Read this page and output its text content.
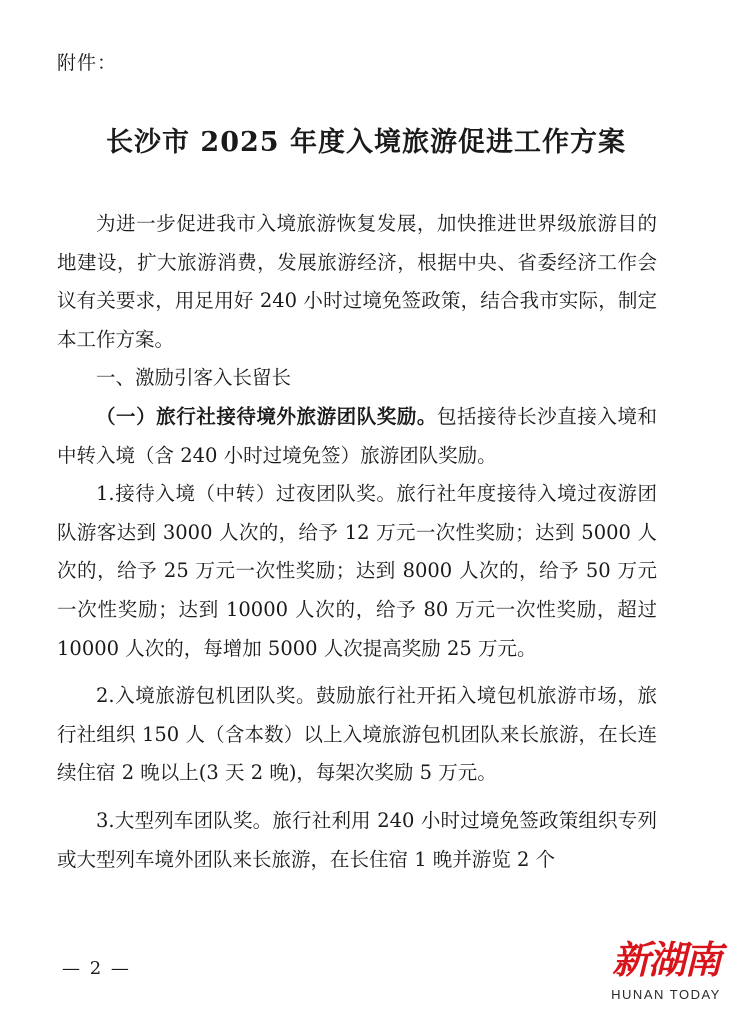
附件：
长沙市 2025 年度入境旅游促进工作方案

为进一步促进我市入境旅游恢复发展，加快推进世界级旅游目的地建设，扩大旅游消费，发展旅游经济，根据中央、省委经济工作会议有关要求，用足用好 240 小时过境免签政策，结合我市实际，制定本工作方案。

一、激励引客入长留长

（一）旅行社接待境外旅游团队奖励。包括接待长沙直接入境和中转入境（含 240 小时过境免签）旅游团队奖励。

1.接待入境（中转）过夜团队奖。旅行社年度接待入境过夜游团队游客达到 3000 人次的，给予 12 万元一次性奖励；达到 5000 人次的，给予 25 万元一次性奖励；达到 8000 人次的，给予 50 万元一次性奖励；达到 10000 人次的，给予 80 万元一次性奖励，超过 10000 人次的，每增加 5000 人次提高奖励 25 万元。

2.入境旅游包机团队奖。鼓励旅行社开拓入境包机旅游市场，旅行社组织 150 人（含本数）以上入境旅游包机团队来长旅游，在长连续住宿 2 晚以上(3 天 2 晚)，每架次奖励 5 万元。

3.大型列车团队奖。旅行社利用 240 小时过境免签政策组织专列或大型列车境外团队来长旅游，在长住宿 1 晚并游览 2 个

— 2 —	新湖南
HUNAN TODAY
